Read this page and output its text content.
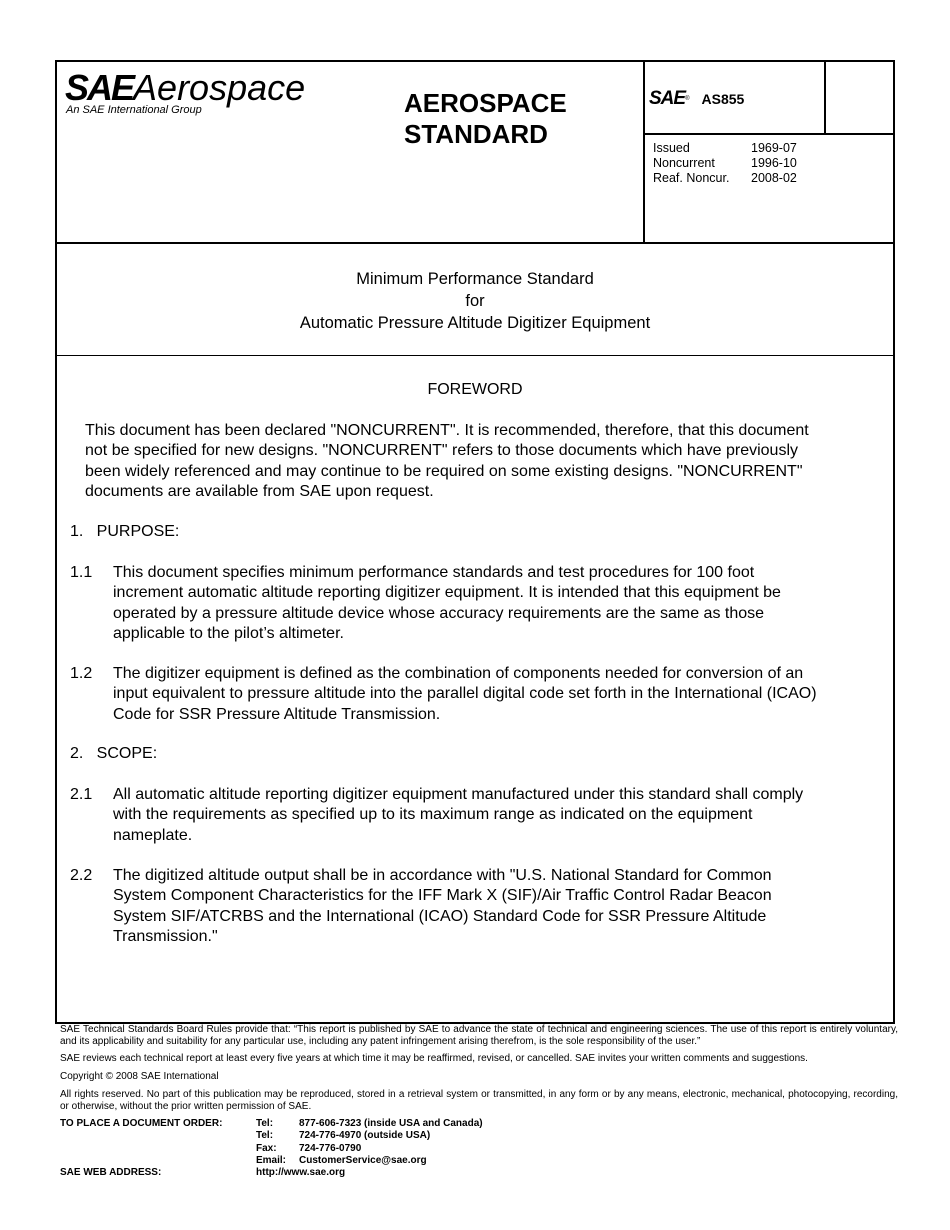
SAEAerospace
An SAE International Group	AEROSPACE
STANDARD
SAE ® AS855
Issued	1969-07
Noncurrent	1996-10
Reaf. Noncur.	2008-02
Minimum Performance Standard
for
Automatic Pressure Altitude Digitizer Equipment
FOREWORD
This document has been declared "NONCURRENT". It is recommended, therefore, that this document
not be specified for new designs. "NONCURRENT" refers to those documents which have previously
been widely referenced and may continue to be required on some existing designs. "NONCURRENT"
documents are available from SAE upon request.
1.   PURPOSE:
1.1	This document specifies minimum performance standards and test procedures for 100 foot
increment automatic altitude reporting digitizer equipment. It is intended that this equipment be
operated by a pressure altitude device whose accuracy requirements are the same as those
applicable to the pilot’s altimeter.
1.2	The digitizer equipment is defined as the combination of components needed for conversion of an
input equivalent to pressure altitude into the parallel digital code set forth in the International (ICAO)
Code for SSR Pressure Altitude Transmission.
2.   SCOPE:
2.1	All automatic altitude reporting digitizer equipment manufactured under this standard shall comply
with the requirements as specified up to its maximum range as indicated on the equipment
nameplate.
2.2	The digitized altitude output shall be in accordance with "U.S. National Standard for Common
System Component Characteristics for the IFF Mark X (SIF)/Air Traffic Control Radar Beacon
System SIF/ATCRBS and the International (ICAO) Standard Code for SSR Pressure Altitude
Transmission."
SAE Technical Standards Board Rules provide that: “This report is published by SAE to advance the state of technical and engineering sciences. The use of this report is entirely voluntary, and its applicability and suitability for any particular use, including any patent infringement arising therefrom, is the sole responsibility of the user.”
SAE reviews each technical report at least every five years at which time it may be reaffirmed, revised, or cancelled. SAE invites your written comments and suggestions.
Copyright © 2008 SAE International
All rights reserved. No part of this publication may be reproduced, stored in a retrieval system or transmitted, in any form or by any means, electronic, mechanical, photocopying, recording, or otherwise, without the prior written permission of SAE.
TO PLACE A DOCUMENT ORDER:	Tel:	877-606-7323 (inside USA and Canada)
Tel:	724-776-4970 (outside USA)
Fax:	724-776-0790
Email:	CustomerService@sae.org
SAE WEB ADDRESS:	http://www.sae.org
